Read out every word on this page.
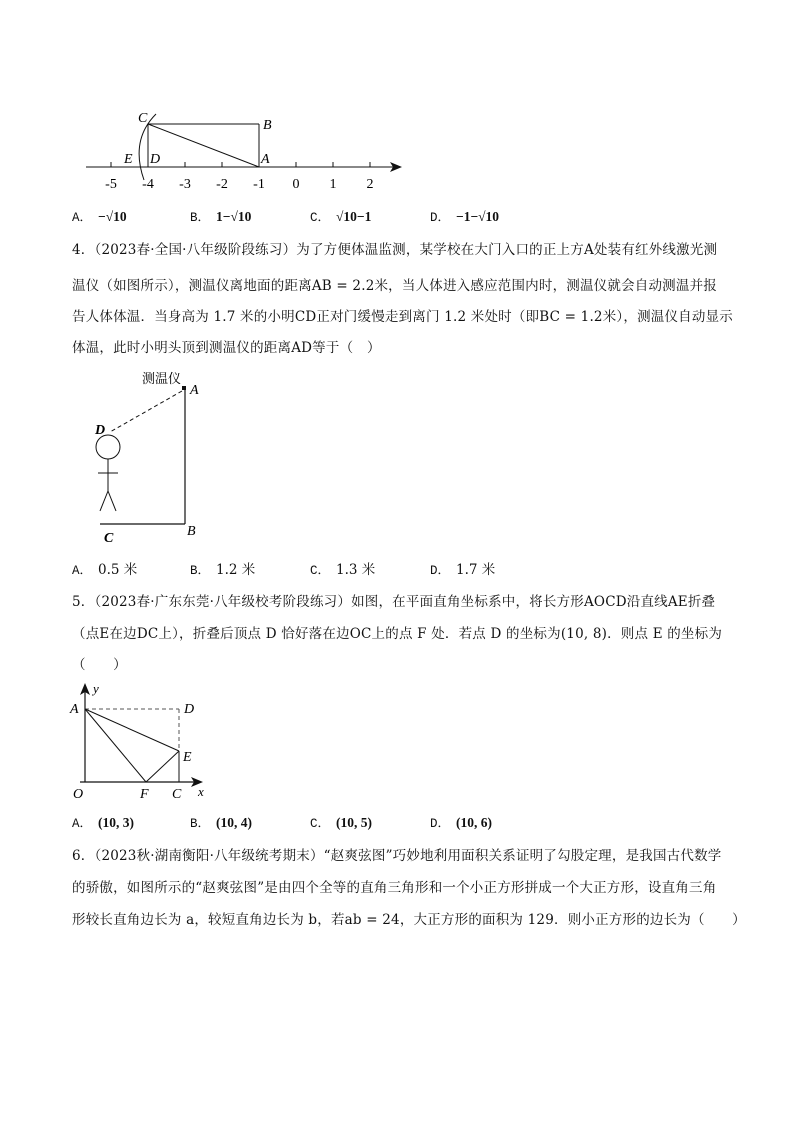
C	B
E D	A
-5 -4 -3 -2 -1 0 1 2
A． −√10	B． 1−√10	C． √10−1	D． −1−√10
4．（2023春·全国·八年级阶段练习）为了方便体温监测，某学校在大门入口的正上方A处装有红外线激光测
温仪（如图所示），测温仪离地面的距离AB = 2.2米，当人体进入感应范围内时，测温仪就会自动测温并报
告人体体温．当身高为 1.7 米的小明CD正对门缓慢走到离门 1.2 米处时（即BC = 1.2米），测温仪自动显示
体温，此时小明头顶到测温仪的距离AD等于（　）
测温仪
A
D
C	B
A． 0.5 米	B． 1.2 米	C． 1.3 米	D． 1.7 米
5．（2023春·广东东莞·八年级校考阶段练习）如图，在平面直角坐标系中，将长方形AOCD沿直线AE折叠
（点E在边DC上），折叠后顶点 D 恰好落在边OC上的点 F 处．若点 D 的坐标为(10, 8)．则点 E 的坐标为
（　　）
y
x
A	D
E
O	F C
A． (10, 3)	B． (10, 4)	C． (10, 5)	D． (10, 6)
6．（2023秋·湖南衡阳·八年级统考期末）“赵爽弦图”巧妙地利用面积关系证明了勾股定理，是我国古代数学
的骄傲，如图所示的“赵爽弦图”是由四个全等的直角三角形和一个小正方形拼成一个大正方形，设直角三角
形较长直角边长为 a，较短直角边长为 b，若ab = 24，大正方形的面积为 129．则小正方形的边长为（　　）
